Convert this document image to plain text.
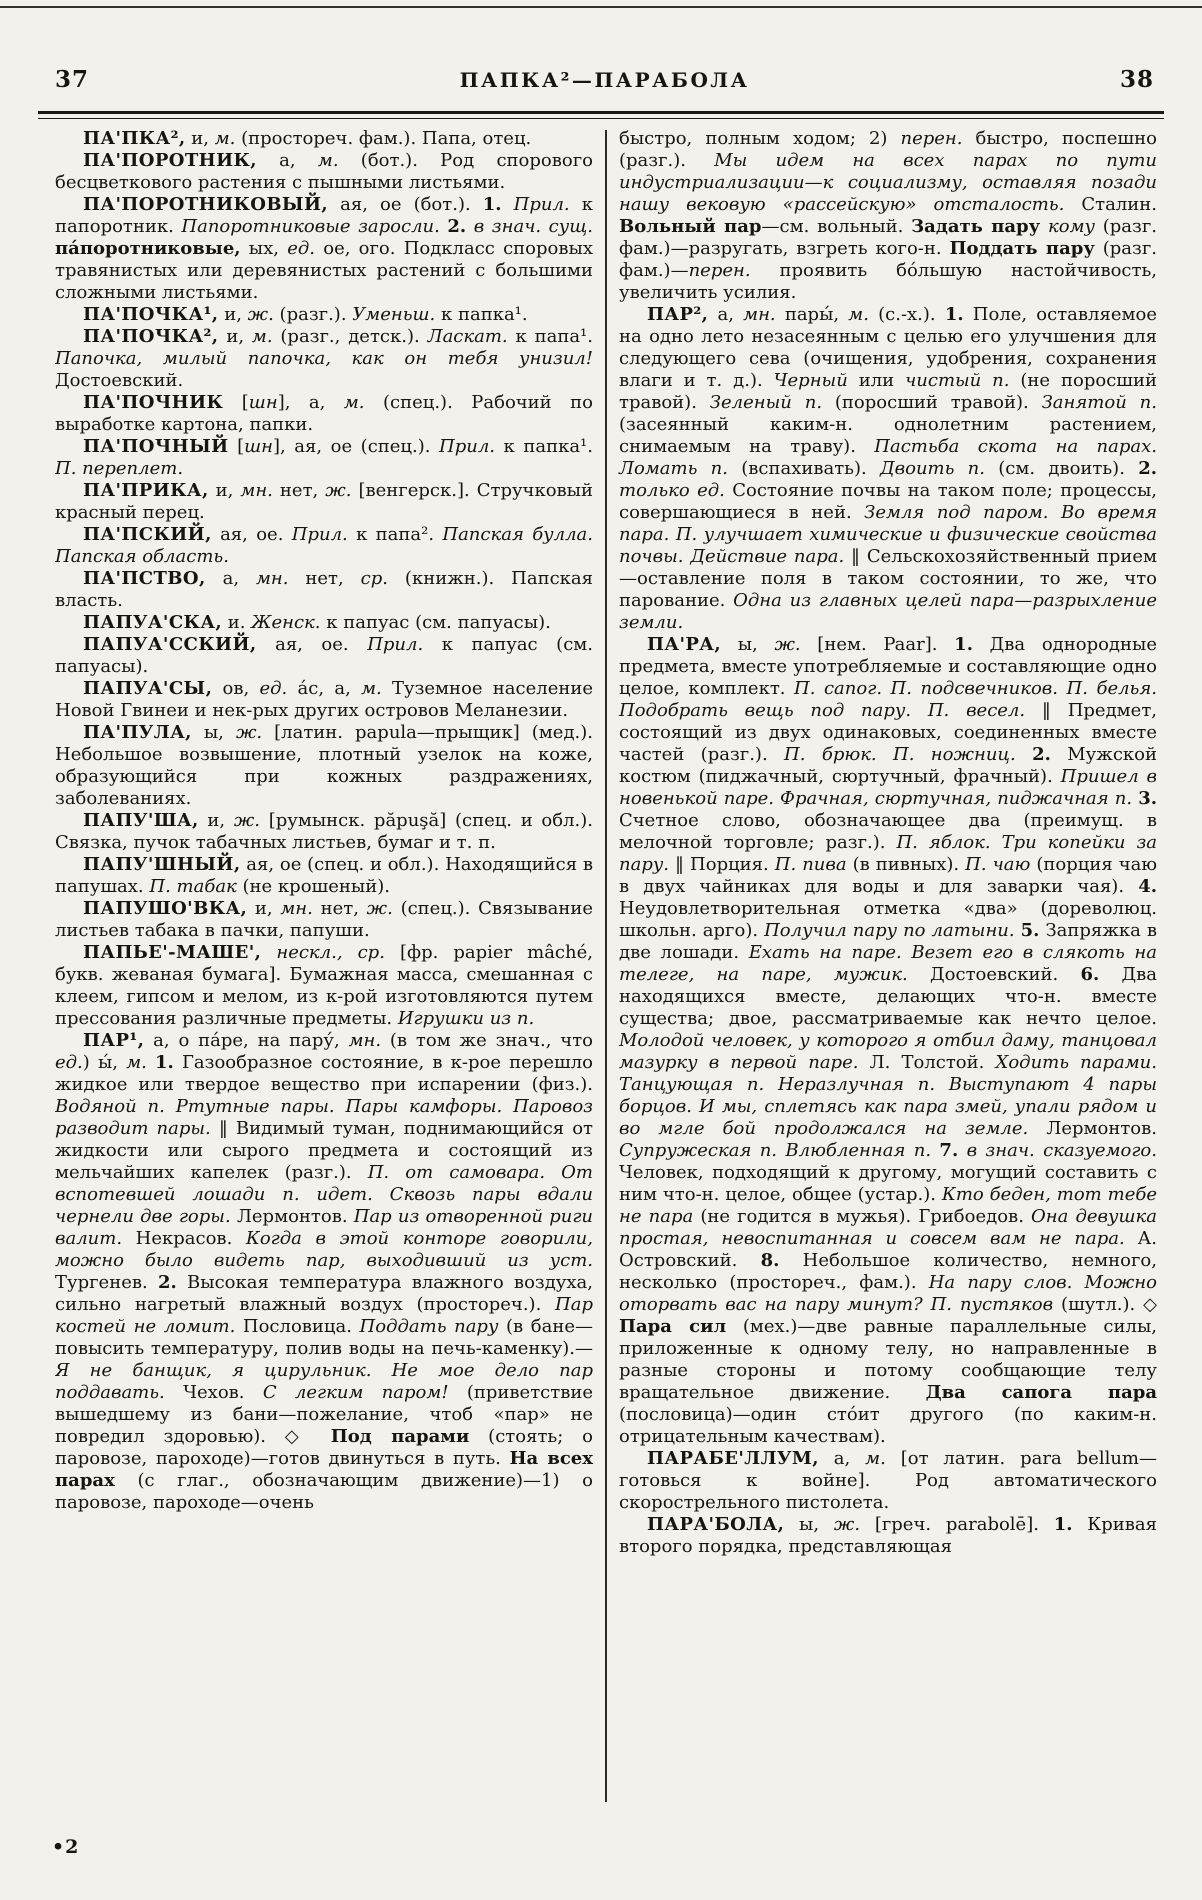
37	ПАПКА²—ПАРАБОЛА	38

ПА'ПКА², и, м. (простореч. фам.). Папа, отец.

ПА'ПОРОТНИК, а, м. (бот.). Род спорового бесцветкового растения с пышными листьями.

ПА'ПОРОТНИКОВЫЙ, ая, ое (бот.). 1. Прил. к папоротник. Папоротниковые заросли. 2. в знач. сущ. па́поротниковые, ых, ед. ое, ого. Подкласс споровых травянистых или деревянистых растений с большими сложными листьями.

ПА'ПОЧКА¹, и, ж. (разг.). Уменьш. к папка¹.

ПА'ПОЧКА², и, м. (разг., детск.). Ласкат. к папа¹. Папочка, милый папочка, как он тебя унизил! Достоевский.

ПА'ПОЧНИК [шн], а, м. (спец.). Рабочий по выработке картона, папки.

ПА'ПОЧНЫЙ [шн], ая, ое (спец.). Прил. к папка¹. П. переплет.

ПА'ПРИКА, и, мн. нет, ж. [венгерск.]. Стручковый красный перец.

ПА'ПСКИЙ, ая, ое. Прил. к папа². Папская булла. Папская область.

ПА'ПСТВО, а, мн. нет, ср. (книжн.). Папская власть.

ПАПУА'СКА, и. Женск. к папуас (см. папуасы).

ПАПУА'ССКИЙ, ая, ое. Прил. к папуас (см. папуасы).

ПАПУА'СЫ, ов, ед. а́с, а, м. Туземное население Новой Гвинеи и нек-рых других островов Меланезии.

ПА'ПУЛА, ы, ж. [латин. papula—прыщик] (мед.). Небольшое возвышение, плотный узелок на коже, образующийся при кожных раздражениях, заболеваниях.

ПАПУ'ША, и, ж. [румынск. păpuşă] (спец. и обл.). Связка, пучок табачных листьев, бумаг и т. п.

ПАПУ'ШНЫЙ, ая, ое (спец. и обл.). Находящийся в папушах. П. табак (не крошеный).

ПАПУШО'ВКА, и, мн. нет, ж. (спец.). Связывание листьев табака в пачки, папуши.

ПАПЬЕ'-МАШЕ', нескл., ср. [фр. papier mâché, букв. жеваная бумага]. Бумажная масса, смешанная с клеем, гипсом и мелом, из к-рой изготовляются путем прессования различные предметы. Игрушки из п.

ПАР¹, а, о па́ре, на пару́, мн. (в том же знач., что ед.) ы́, м. 1. Газообразное состояние, в к-рое перешло жидкое или твердое вещество при испарении (физ.). Водяной п. Ртутные пары. Пары камфоры. Паровоз разводит пары. ‖ Видимый туман, поднимающийся от жидкости или сырого предмета и состоящий из мельчайших капелек (разг.). П. от самовара. От вспотевшей лошади п. идет. Сквозь пары вдали чернели две горы. Лермонтов. Пар из отворенной риги валит. Некрасов. Когда в этой конторе говорили, можно было видеть пар, выходивший из уст. Тургенев. 2. Высокая температура влажного воздуха, сильно нагретый влажный воздух (простореч.). Пар костей не ломит. Пословица. Поддать пару (в бане—повысить температуру, полив воды на печь-каменку).—Я не банщик, я цирульник. Не мое дело пар поддавать. Чехов. С легким паром! (приветствие вышедшему из бани—пожелание, чтоб «пар» не повредил здоровью). ◇ Под парами (стоять; о паровозе, пароходе)—готов двинуться в путь. На всех парах (с глаг., обозначающим движение)—1) о паровозе, пароходе—очень

быстро, полным ходом; 2) перен. быстро, поспешно (разг.). Мы идем на всех парах по пути индустриализации—к социализму, оставляя позади нашу вековую «рассейскую» отсталость. Сталин. Вольный пар—см. вольный. Задать пару кому (разг. фам.)—разругать, взгреть кого-н. Поддать пару (разг. фам.)—перен. проявить бо́льшую настойчивость, увеличить усилия.

ПАР², а, мн. пары́, м. (с.-х.). 1. Поле, оставляемое на одно лето незасеянным с целью его улучшения для следующего сева (очищения, удобрения, сохранения влаги и т. д.). Черный или чистый п. (не поросший травой). Зеленый п. (поросший травой). Занятой п. (засеянный каким-н. однолетним растением, снимаемым на траву). Пастьба скота на парах. Ломать п. (вспахивать). Двоить п. (см. двоить). 2. только ед. Состояние почвы на таком поле; процессы, совершающиеся в ней. Земля под паром. Во время пара. П. улучшает химические и физические свойства почвы. Действие пара. ‖ Сельскохозяйственный прием—оставление поля в таком состоянии, то же, что парование. Одна из главных целей пара—разрыхление земли.

ПА'РА, ы, ж. [нем. Paar]. 1. Два однородные предмета, вместе употребляемые и составляющие одно целое, комплект. П. сапог. П. подсвечников. П. белья. Подобрать вещь под пару. П. весел. ‖ Предмет, состоящий из двух одинаковых, соединенных вместе частей (разг.). П. брюк. П. ножниц. 2. Мужской костюм (пиджачный, сюртучный, фрачный). Пришел в новенькой паре. Фрачная, сюртучная, пиджачная п. 3. Счетное слово, обозначающее два (преимущ. в мелочной торговле; разг.). П. яблок. Три копейки за пару. ‖ Порция. П. пива (в пивных). П. чаю (порция чаю в двух чайниках для воды и для заварки чая). 4. Неудовлетворительная отметка «два» (дореволюц. школьн. арго). Получил пару по латыни. 5. Запряжка в две лошади. Ехать на паре. Везет его в слякоть на телеге, на паре, мужик. Достоевский. 6. Два находящихся вместе, делающих что-н. вместе существа; двое, рассматриваемые как нечто целое. Молодой человек, у которого я отбил даму, танцовал мазурку в первой паре. Л. Толстой. Ходить парами. Танцующая п. Неразлучная п. Выступают 4 пары борцов. И мы, сплетясь как пара змей, упали рядом и во мгле бой продолжался на земле. Лермонтов. Супружеская п. Влюбленная п. 7. в знач. сказуемого. Человек, подходящий к другому, могущий составить с ним что-н. целое, общее (устар.). Кто беден, тот тебе не пара (не годится в мужья). Грибоедов. Она девушка простая, невоспитанная и совсем вам не пара. А. Островский. 8. Небольшое количество, немного, несколько (простореч., фам.). На пару слов. Можно оторвать вас на пару минут? П. пустяков (шутл.). ◇ Пара сил (мех.)—две равные параллельные силы, приложенные к одному телу, но направленные в разные стороны и потому сообщающие телу вращательное движение. Два сапога пара (пословица)—один сто́ит другого (по каким-н. отрицательным качествам).

ПАРАБЕ'ЛЛУМ, а, м. [от латин. para bellum—готовься к войне]. Род автоматического скорострельного пистолета.

ПАРА'БОЛА, ы, ж. [греч. parabolē]. 1. Кривая второго порядка, представляющая

•2
